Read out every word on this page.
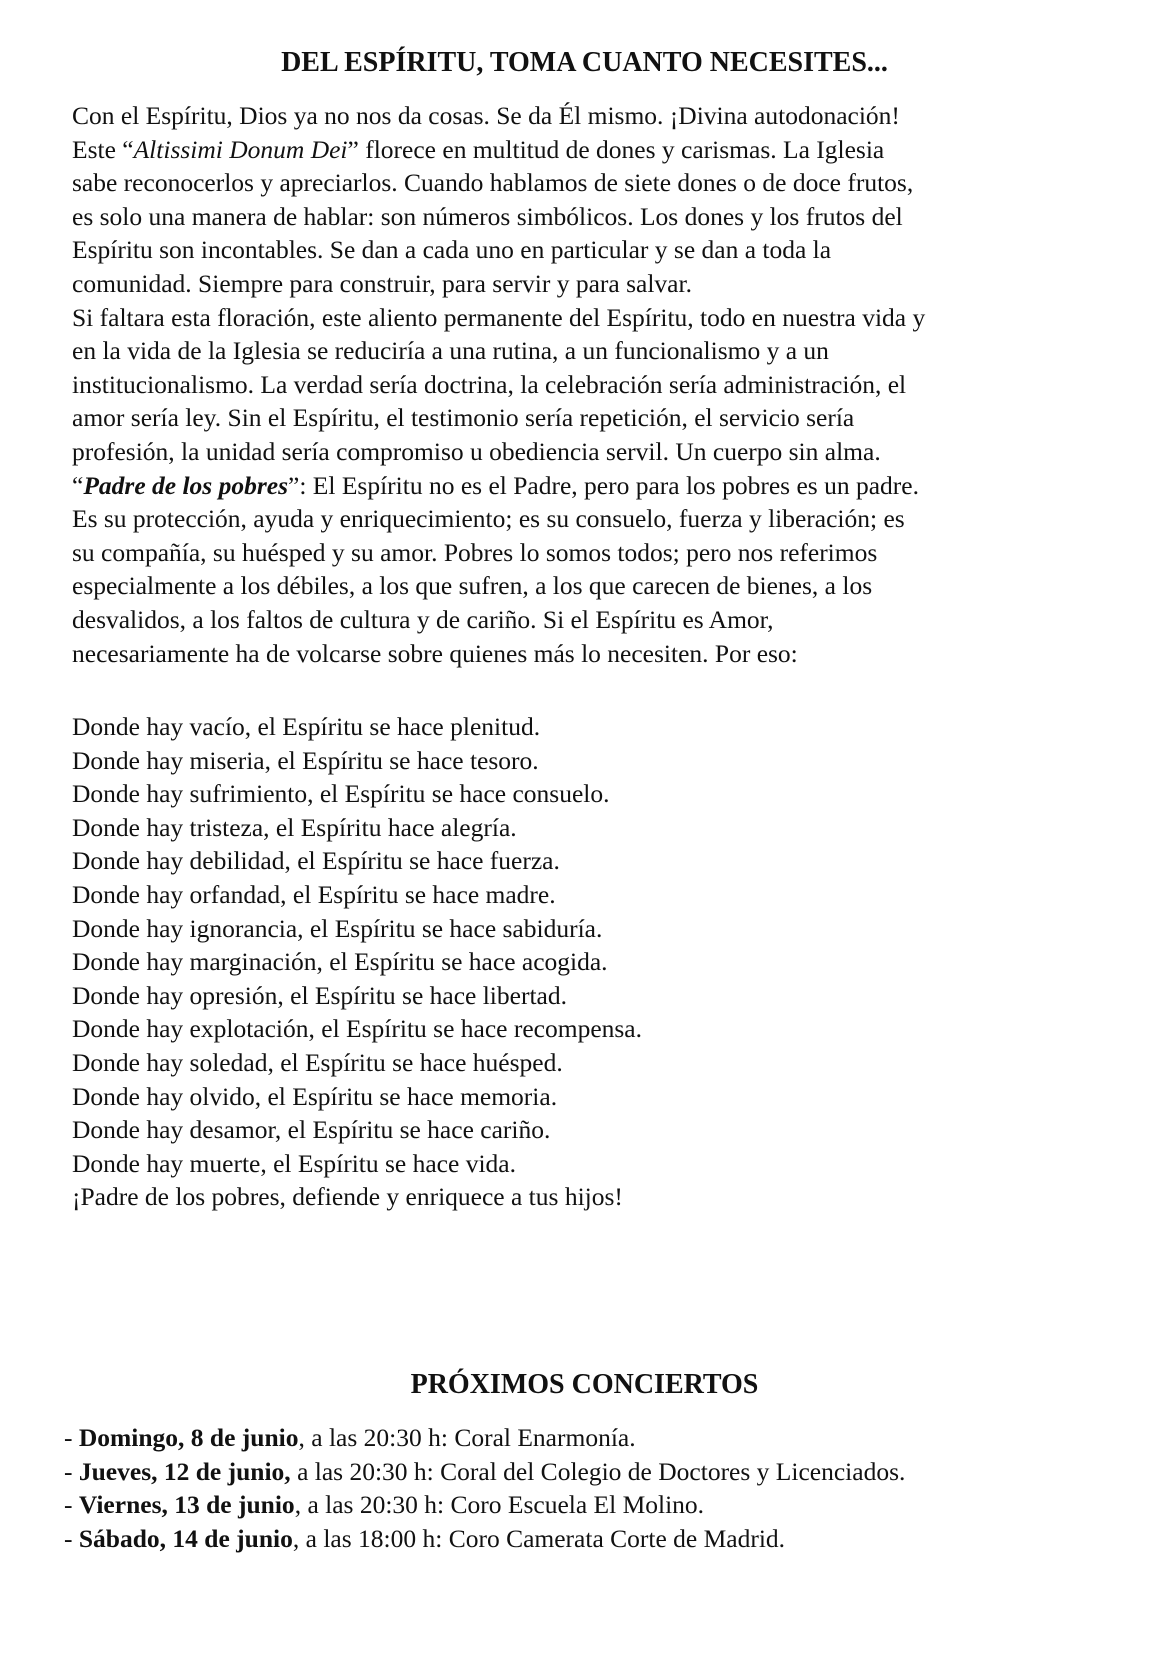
DEL ESPÍRITU, TOMA CUANTO NECESITES...
Con el Espíritu, Dios ya no nos da cosas. Se da Él mismo. ¡Divina autodonación!
Este “Altissimi Donum Dei” florece en multitud de dones y carismas. La Iglesia
sabe reconocerlos y apreciarlos. Cuando hablamos de siete dones o de doce frutos,
es solo una manera de hablar: son números simbólicos. Los dones y los frutos del
Espíritu son incontables. Se dan a cada uno en particular y se dan a toda la
comunidad. Siempre para construir, para servir y para salvar.
Si faltara esta floración, este aliento permanente del Espíritu, todo en nuestra vida y
en la vida de la Iglesia se reduciría a una rutina, a un funcionalismo y a un
institucionalismo. La verdad sería doctrina, la celebración sería administración, el
amor sería ley. Sin el Espíritu, el testimonio sería repetición, el servicio sería
profesión, la unidad sería compromiso u obediencia servil. Un cuerpo sin alma.
“Padre de los pobres”: El Espíritu no es el Padre, pero para los pobres es un padre.
Es su protección, ayuda y enriquecimiento; es su consuelo, fuerza y liberación; es
su compañía, su huésped y su amor. Pobres lo somos todos; pero nos referimos
especialmente a los débiles, a los que sufren, a los que carecen de bienes, a los
desvalidos, a los faltos de cultura y de cariño. Si el Espíritu es Amor,
necesariamente ha de volcarse sobre quienes más lo necesiten. Por eso:
Donde hay vacío, el Espíritu se hace plenitud.
Donde hay miseria, el Espíritu se hace tesoro.
Donde hay sufrimiento, el Espíritu se hace consuelo.
Donde hay tristeza, el Espíritu hace alegría.
Donde hay debilidad, el Espíritu se hace fuerza.
Donde hay orfandad, el Espíritu se hace madre.
Donde hay ignorancia, el Espíritu se hace sabiduría.
Donde hay marginación, el Espíritu se hace acogida.
Donde hay opresión, el Espíritu se hace libertad.
Donde hay explotación, el Espíritu se hace recompensa.
Donde hay soledad, el Espíritu se hace huésped.
Donde hay olvido, el Espíritu se hace memoria.
Donde hay desamor, el Espíritu se hace cariño.
Donde hay muerte, el Espíritu se hace vida.
¡Padre de los pobres, defiende y enriquece a tus hijos!
PRÓXIMOS CONCIERTOS
- Domingo, 8 de junio, a las 20:30 h: Coral Enarmonía.
- Jueves, 12 de junio, a las 20:30 h: Coral del Colegio de Doctores y Licenciados.
- Viernes, 13 de junio, a las 20:30 h: Coro Escuela El Molino.
- Sábado, 14 de junio, a las 18:00 h: Coro Camerata Corte de Madrid.
